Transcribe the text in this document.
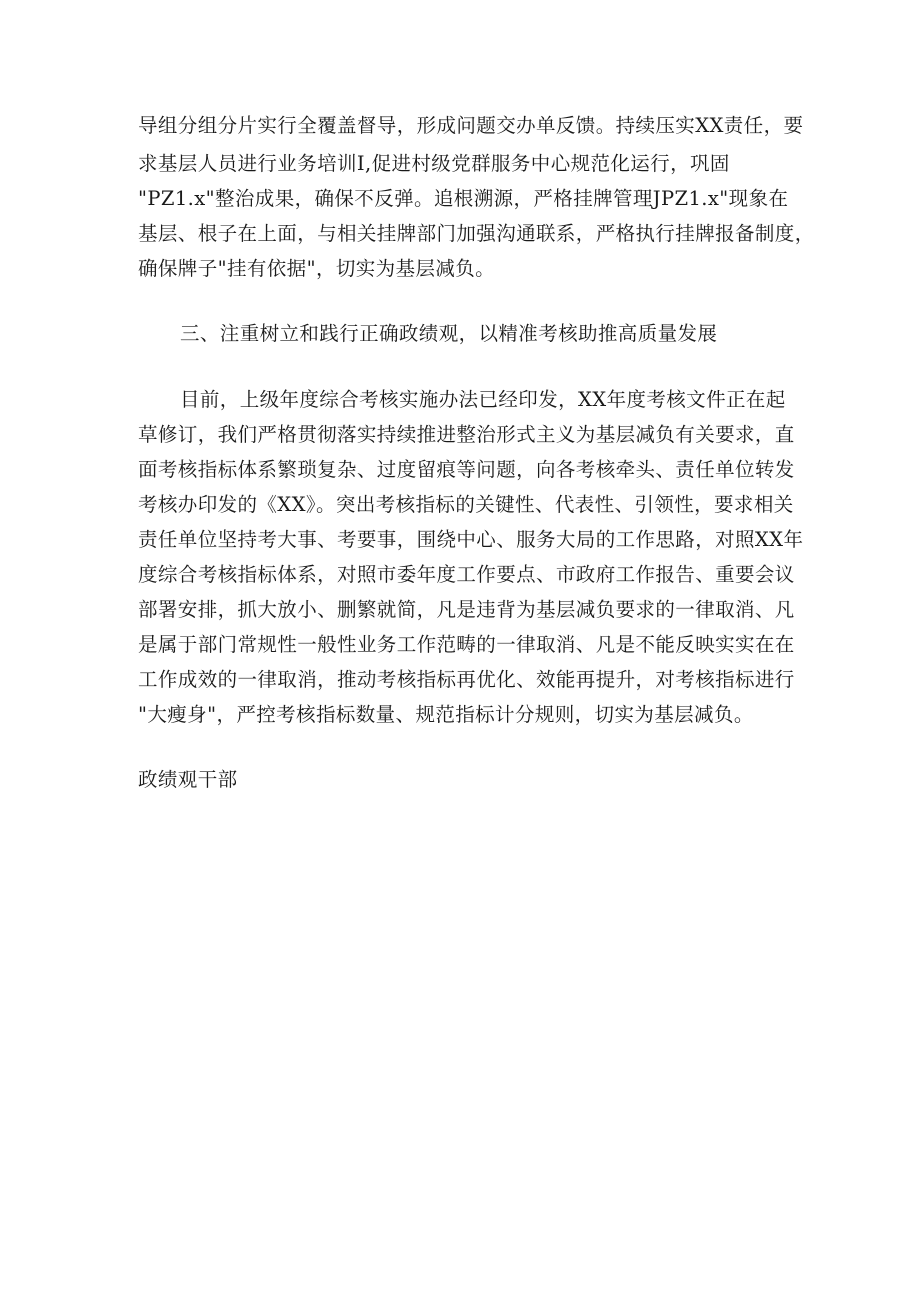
导组分组分片实行全覆盖督导，形成问题交办单反馈。持续压实XX责任，要
求基层人员进行业务培训I,促进村级党群服务中心规范化运行，巩固
"PZ1.x"整治成果，确保不反弹。追根溯源，严格挂牌管理JPZ1.x"现象在
基层、根子在上面，与相关挂牌部门加强沟通联系，严格执行挂牌报备制度，
确保牌子"挂有依据"，切实为基层减负。
三、注重树立和践行正确政绩观，以精准考核助推高质量发展
目前，上级年度综合考核实施办法已经印发，XX年度考核文件正在起
草修订，我们严格贯彻落实持续推进整治形式主义为基层减负有关要求，直
面考核指标体系繁琐复杂、过度留痕等问题，向各考核牵头、责任单位转发
考核办印发的《XX》。突出考核指标的关键性、代表性、引领性，要求相关
责任单位坚持考大事、考要事，围绕中心、服务大局的工作思路，对照XX年
度综合考核指标体系，对照市委年度工作要点、市政府工作报告、重要会议
部署安排，抓大放小、删繁就简，凡是违背为基层减负要求的一律取消、凡
是属于部门常规性一般性业务工作范畴的一律取消、凡是不能反映实实在在
工作成效的一律取消，推动考核指标再优化、效能再提升，对考核指标进行
"大瘦身"，严控考核指标数量、规范指标计分规则，切实为基层减负。
政绩观干部
